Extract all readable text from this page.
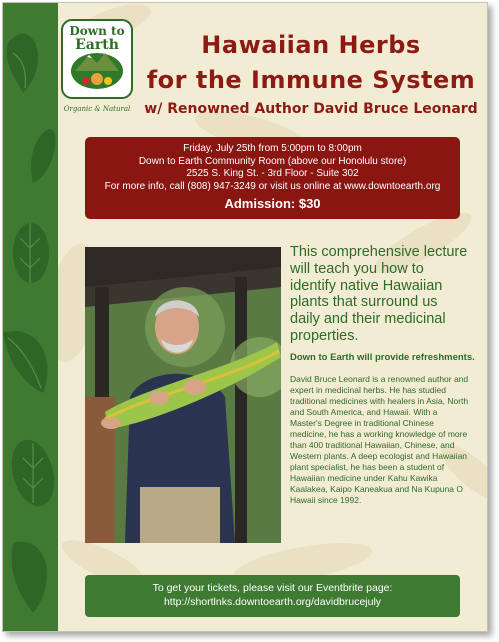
Down to
Earth
Organic & Natural
Hawaiian Herbs
for the Immune System
w/ Renowned Author David Bruce Leonard
Friday, July 25th from 5:00pm to 8:00pm
Down to Earth Community Room (above our Honolulu store)
2525 S. King St. - 3rd Floor - Suite 302
For more info, call (808) 947-3249 or visit us online at www.downtoearth.org
Admission: $30
This comprehensive lecture will teach you how to identify native Hawaiian plants that surround us daily and their medicinal properties.
Down to Earth will provide refreshments.
David Bruce Leonard is a renowned author and expert in medicinal herbs. He has studied traditional medicines with healers in Asia, North and South America, and Hawaii. With a Master's Degree in traditional Chinese medicine, he has a working knowledge of more than 400 traditional Hawaiian, Chinese, and Western plants. A deep ecologist and Hawaiian plant specialist, he has been a student of Hawaiian medicine under Kahu Kawika Kaalakea, Kaipo Kaneakua and Na Kupuna O Hawaii since 1992.
To get your tickets, please visit our Eventbrite page:
http://shortlnks.downtoearth.org/davidbrucejuly
